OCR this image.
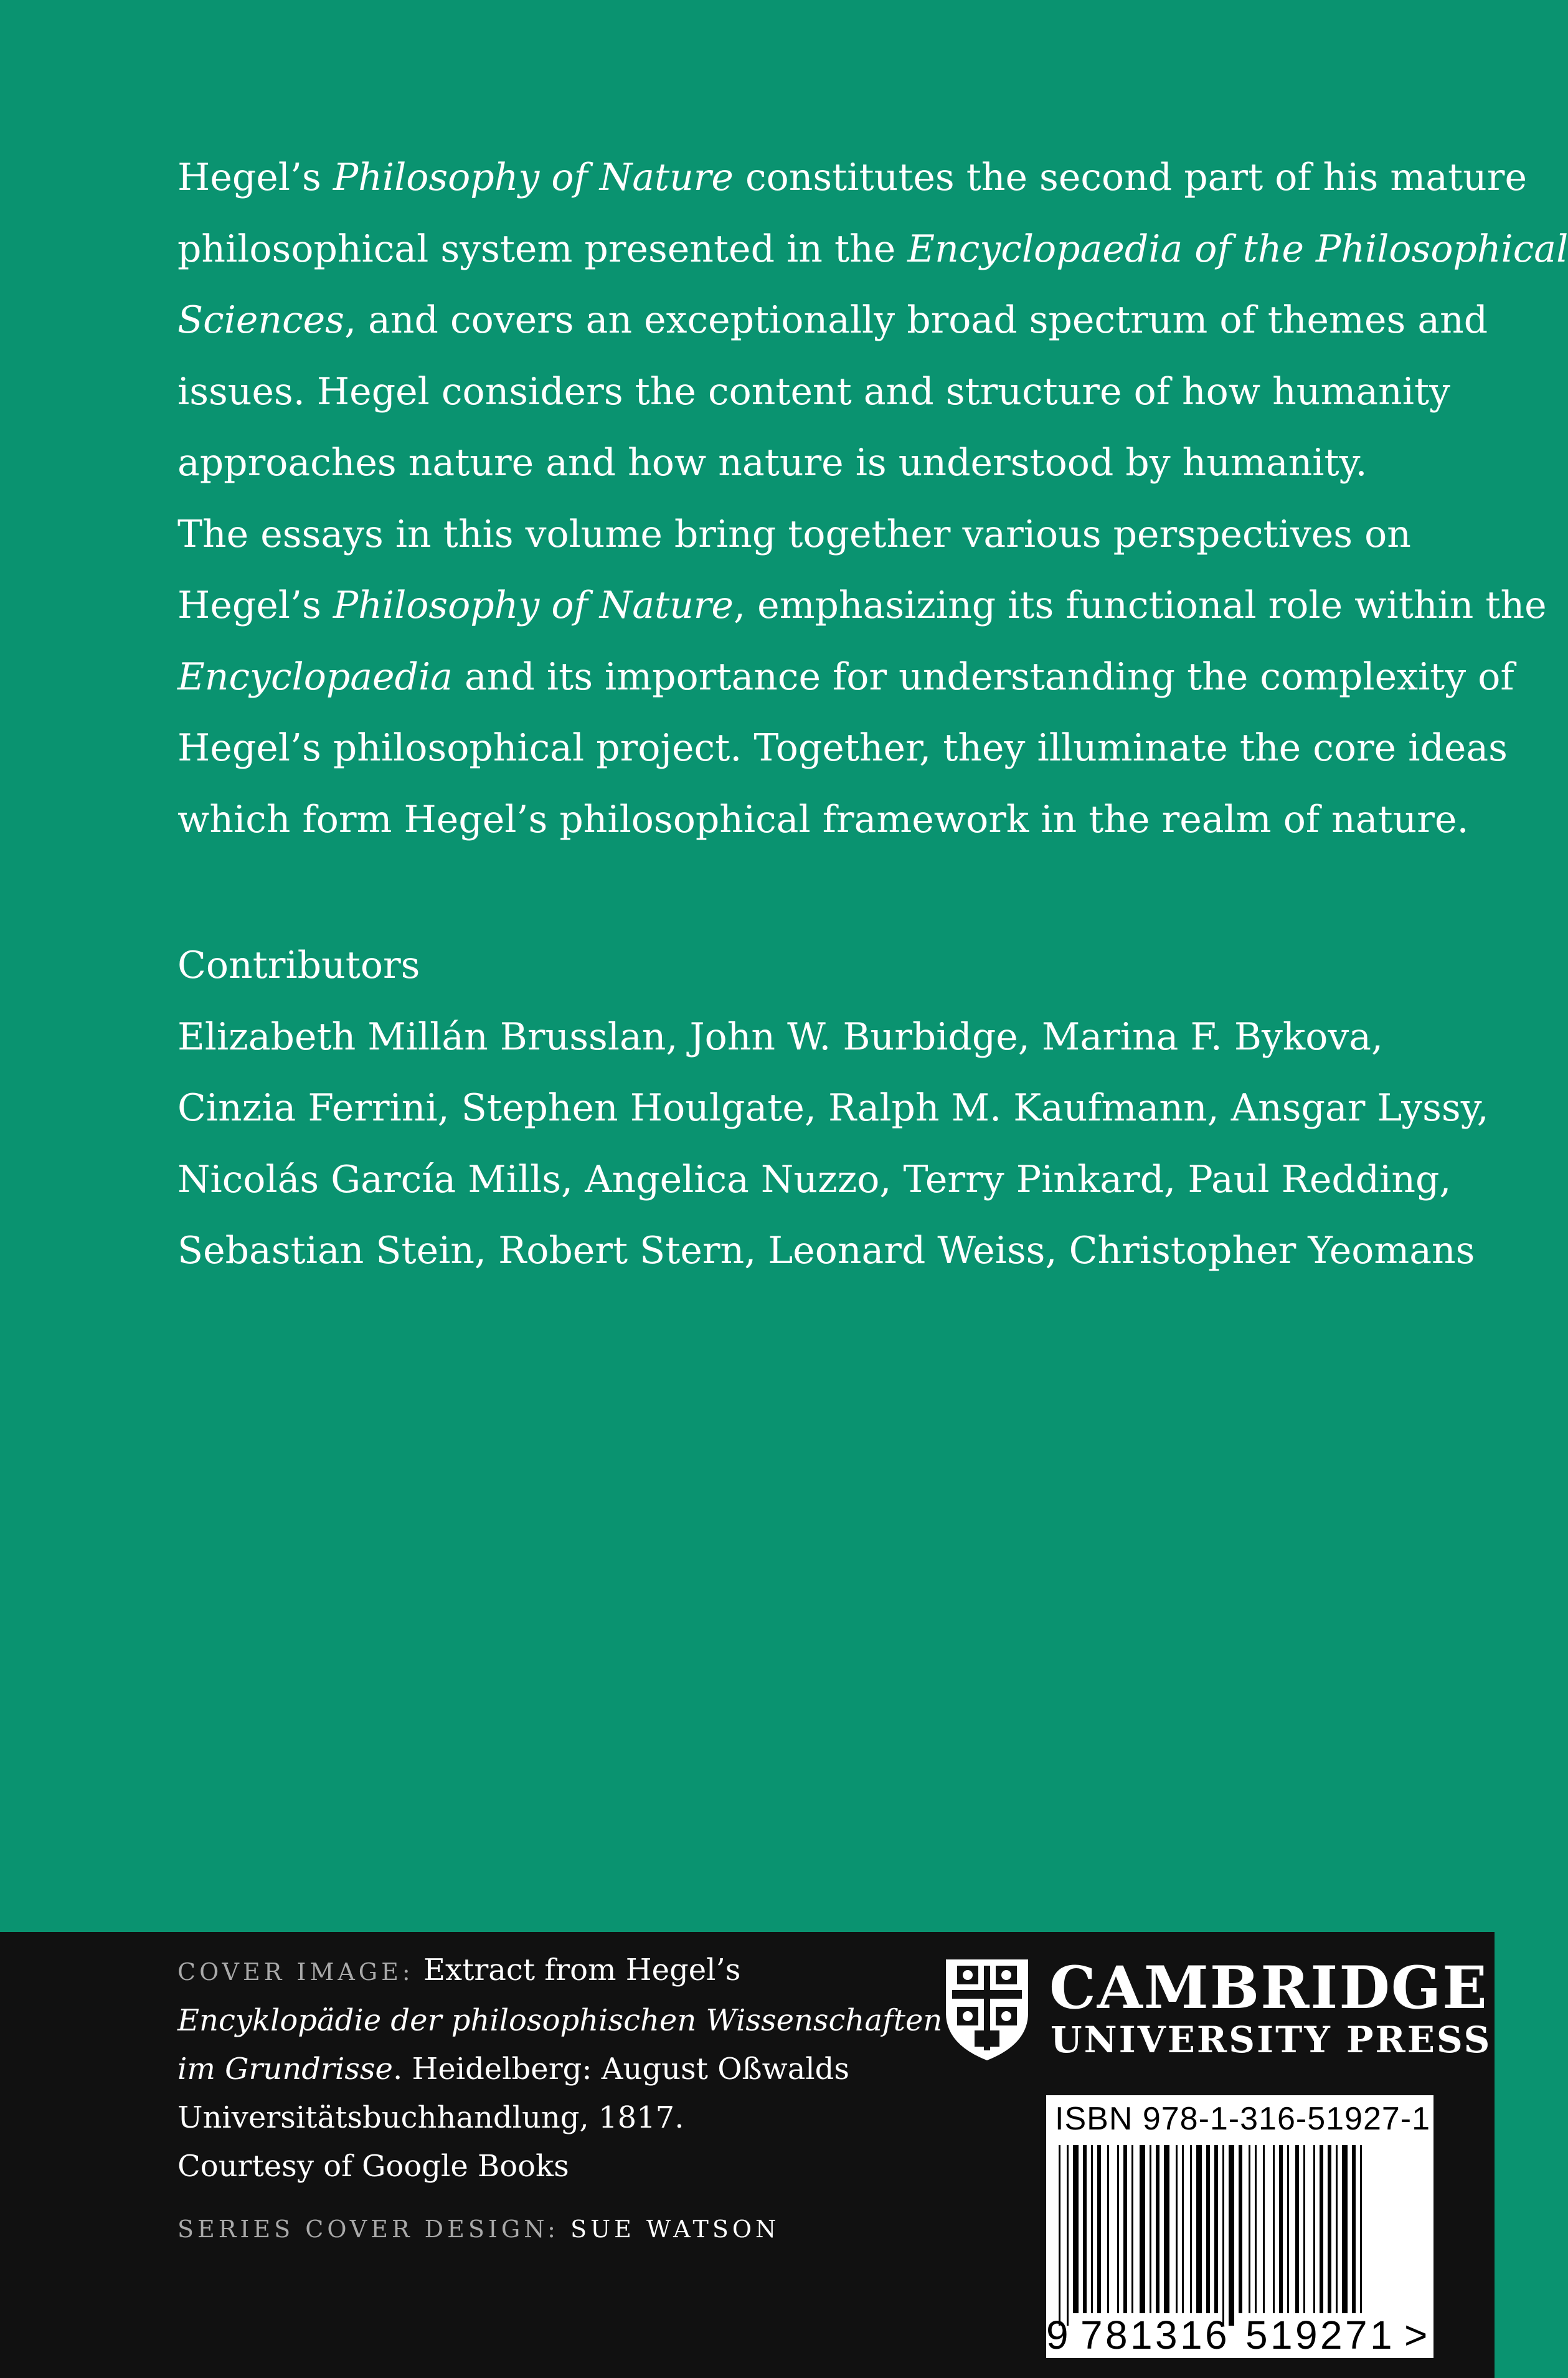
Hegel’s Philosophy of Nature constitutes the second part of his mature
philosophical system presented in the Encyclopaedia of the Philosophical
Sciences, and covers an exceptionally broad spectrum of themes and
issues. Hegel considers the content and structure of how humanity
approaches nature and how nature is understood by humanity.
The essays in this volume bring together various perspectives on
Hegel’s Philosophy of Nature, emphasizing its functional role within the
Encyclopaedia and its importance for understanding the complexity of
Hegel’s philosophical project. Together, they illuminate the core ideas
which form Hegel’s philosophical framework in the realm of nature.
Contributors
Elizabeth Millán Brusslan, John W. Burbidge, Marina F. Bykova,
Cinzia Ferrini, Stephen Houlgate, Ralph M. Kaufmann, Ansgar Lyssy,
Nicolás García Mills, Angelica Nuzzo, Terry Pinkard, Paul Redding,
Sebastian Stein, Robert Stern, Leonard Weiss, Christopher Yeomans
COVER IMAGE: Extract from Hegel’s
Encyklopädie der philosophischen Wissenschaften
im Grundrisse. Heidelberg: August Oßwalds
Universitätsbuchhandlung, 1817.
Courtesy of Google Books
SERIES COVER DESIGN: SUE WATSON
CAMBRIDGE
UNIVERSITY PRESS
ISBN 978-1-316-51927-1
9 7 8 1 3 1 6 5 1 9 2 7 1 >
